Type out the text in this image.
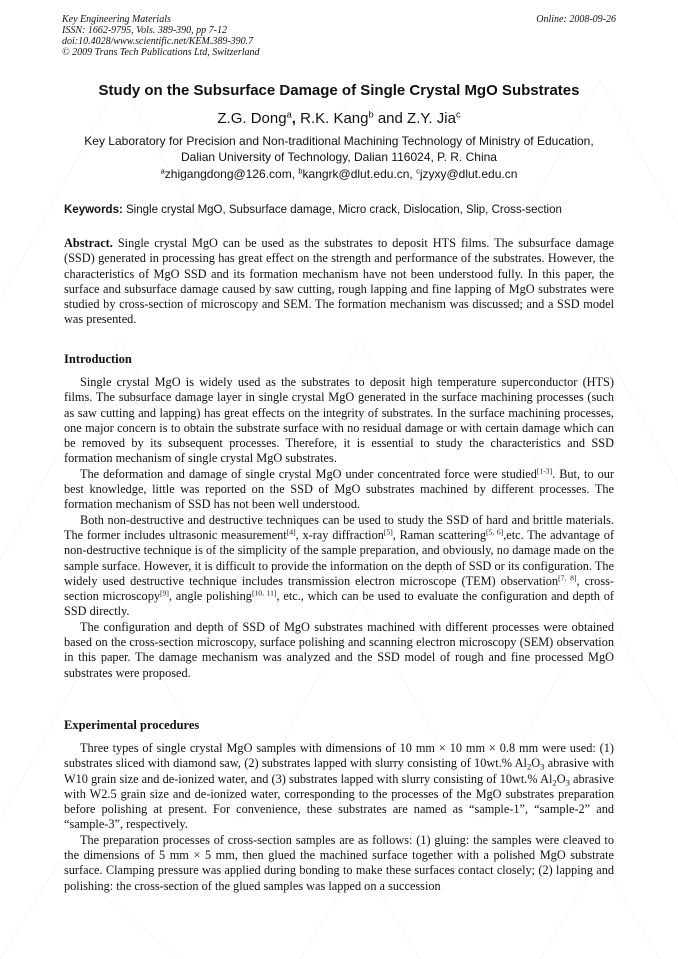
Key Engineering Materials
ISSN: 1662-9795, Vols. 389-390, pp 7-12
doi:10.4028/www.scientific.net/KEM.389-390.7
© 2009 Trans Tech Publications Ltd, Switzerland
Online: 2008-09-26
Study on the Subsurface Damage of Single Crystal MgO Substrates
Z.G. Dong$^a$, R.K. Kang$^b$ and Z.Y. Jia$^c$
Key Laboratory for Precision and Non-traditional Machining Technology of Ministry of Education,
Dalian University of Technology, Dalian 116024, P. R. China
$^a$zhigangdong@126.com, $^b$kangrk@dlut.edu.cn, $^c$jzyxy@dlut.edu.cn
Keywords: Single crystal MgO, Subsurface damage, Micro crack, Dislocation, Slip, Cross-section

Abstract. Single crystal MgO can be used as the substrates to deposit HTS films. The subsurface damage (SSD) generated in processing has great effect on the strength and performance of the substrates. However, the characteristics of MgO SSD and its formation mechanism have not been understood fully. In this paper, the surface and subsurface damage caused by saw cutting, rough lapping and fine lapping of MgO substrates were studied by cross-section of microscopy and SEM. The formation mechanism was discussed; and a SSD model was presented.

Introduction

Single crystal MgO is widely used as the substrates to deposit high temperature superconductor (HTS) films. The subsurface damage layer in single crystal MgO generated in the surface machining processes (such as saw cutting and lapping) has great effects on the integrity of substrates. In the surface machining processes, one major concern is to obtain the substrate surface with no residual damage or with certain damage which can be removed by its subsequent processes. Therefore, it is essential to study the characteristics and SSD formation mechanism of single crystal MgO substrates.

The deformation and damage of single crystal MgO under concentrated force were studied[1-3]. But, to our best knowledge, little was reported on the SSD of MgO substrates machined by different processes. The formation mechanism of SSD has not been well understood.

Both non-destructive and destructive techniques can be used to study the SSD of hard and brittle materials. The former includes ultrasonic measurement[4], x-ray diffraction[5], Raman scattering[5, 6],etc. The advantage of non-destructive technique is of the simplicity of the sample preparation, and obviously, no damage made on the sample surface. However, it is difficult to provide the information on the depth of SSD or its configuration. The widely used destructive technique includes transmission electron microscope (TEM) observation[7, 8], cross-section microscopy[9], angle polishing[10, 11], etc., which can be used to evaluate the configuration and depth of SSD directly.

The configuration and depth of SSD of MgO substrates machined with different processes were obtained based on the cross-section microscopy, surface polishing and scanning electron microscopy (SEM) observation in this paper. The damage mechanism was analyzed and the SSD model of rough and fine processed MgO substrates were proposed.

Experimental procedures

Three types of single crystal MgO samples with dimensions of 10 mm × 10 mm × 0.8 mm were used: (1) substrates sliced with diamond saw, (2) substrates lapped with slurry consisting of 10wt.% $Al_2O_3$ abrasive with W10 grain size and de-ionized water, and (3) substrates lapped with slurry consisting of 10wt.% $Al_2O_3$ abrasive with W2.5 grain size and de-ionized water, corresponding to the processes of the MgO substrates preparation before polishing at present. For convenience, these substrates are named as “sample-1”, “sample-2” and “sample-3”, respectively.

The preparation processes of cross-section samples are as follows: (1) gluing: the samples were cleaved to the dimensions of 5 mm × 5 mm, then glued the machined surface together with a polished MgO substrate surface. Clamping pressure was applied during bonding to make these surfaces contact closely; (2) lapping and polishing: the cross-section of the glued samples was lapped on a succession
